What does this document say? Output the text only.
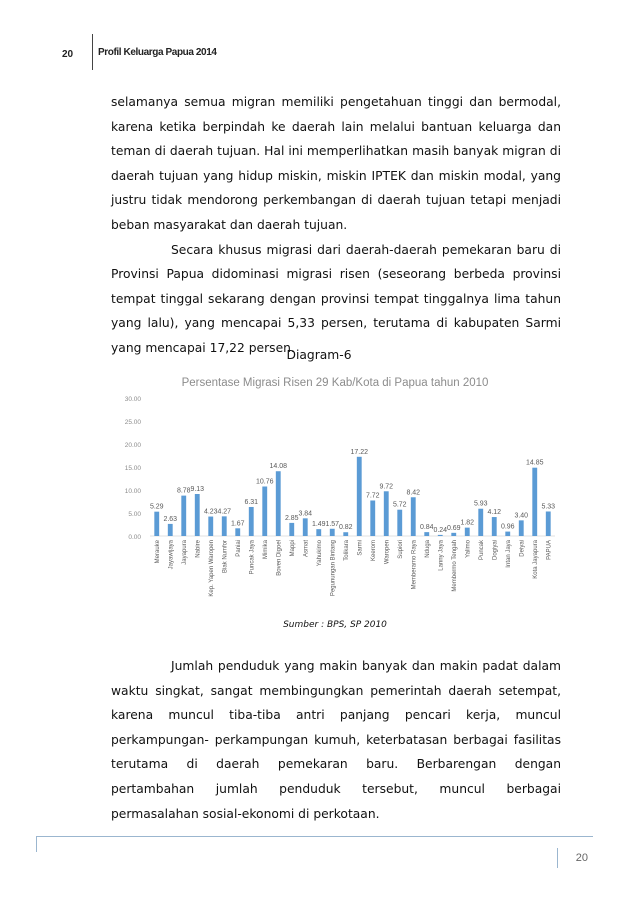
20	Profil Keluarga Papua 2014

selamanya semua migran memiliki pengetahuan tinggi dan bermodal, karena ketika berpindah ke daerah lain melalui bantuan keluarga dan teman di daerah tujuan. Hal ini memperlihatkan masih banyak migran di daerah tujuan yang hidup miskin, miskin IPTEK dan miskin modal, yang justru tidak mendorong perkembangan di daerah tujuan tetapi menjadi beban masyarakat dan daerah tujuan.

Secara khusus migrasi dari daerah-daerah pemekaran baru di Provinsi Papua didominasi migrasi risen (seseorang berbeda provinsi tempat tinggal sekarang dengan provinsi tempat tinggalnya lima tahun yang lalu), yang mencapai 5,33 persen, terutama di kabupaten Sarmi yang mencapai 17,22 persen.

Diagram-6
Persentase Migrasi Risen 29 Kab/Kota di Papua tahun 2010
0.00
5.00
10.00
15.00
20.00
25.00
30.00
5.29
Merauke
2.63
Jayawijaya
8.78
Jayapura
9.13
Nabire
4.23
Kep. Yapen Waropen
4.27
Biak Numfor
1.67
Paniai
6.31
Puncak Jaya
10.76
Mimika
14.08
Boven Digoel
2.85
Mappi
3.84
Asmat
1.49
Yahukimo
1.57
Pegunungan Bintang
0.82
Tolikara
17.22
Sarmi
7.72
Keerom
9.72
Waropen
5.72
Supiori
8.42
Memberamo Raya
0.84
Nduga
0.24
Lanny Jaya
0.69
Membermo Tengah
1.82
Yalimo
5.93
Puncak
4.12
Dogiyai
0.96
Intan Jaya
3.40
Deiyai
14.85
Kota Jayapura
5.33
PAPUA
Sumber : BPS, SP 2010

Jumlah penduduk yang makin banyak dan makin padat dalam waktu singkat, sangat membingungkan pemerintah daerah setempat, karena muncul tiba-tiba antri panjang pencari kerja, muncul perkampungan- perkampungan kumuh, keterbatasan berbagai fasilitas terutama di daerah pemekaran baru. Berbarengan dengan pertambahan jumlah penduduk tersebut, muncul berbagai permasalahan sosial-ekonomi di perkotaan.

20
